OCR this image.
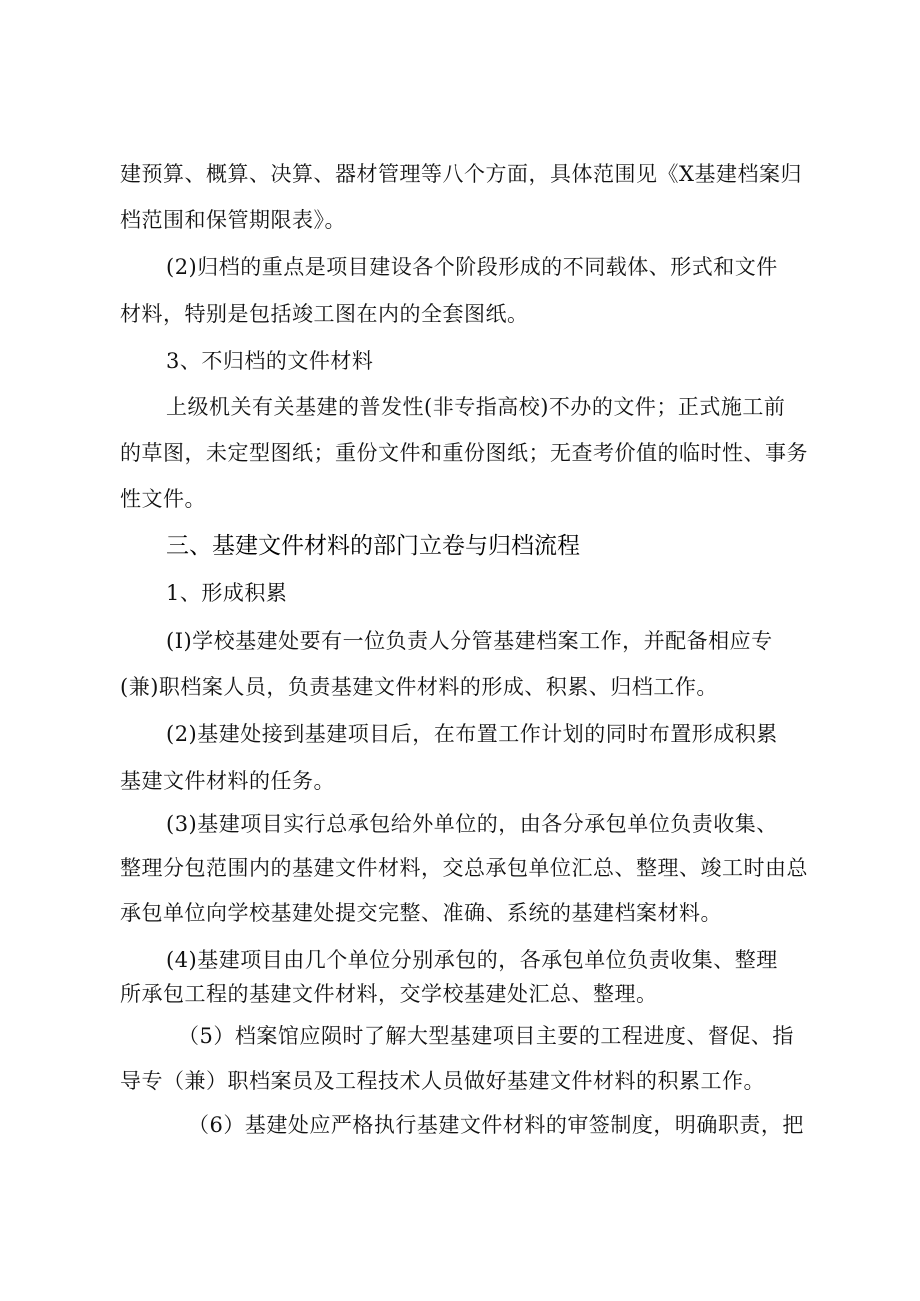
建预算、概算、决算、器材管理等八个方面，具体范围见《X基建档案归
档范围和保管期限表》。
(2)归档的重点是项目建设各个阶段形成的不同载体、形式和文件
材料，特别是包括竣工图在内的全套图纸。
3、不归档的文件材料
上级机关有关基建的普发性(非专指高校)不办的文件；正式施工前
的草图，未定型图纸；重份文件和重份图纸；无查考价值的临时性、事务
性文件。
三、基建文件材料的部门立卷与归档流程
1、形成积累
(I)学校基建处要有一位负责人分管基建档案工作，并配备相应专
(兼)职档案人员，负责基建文件材料的形成、积累、归档工作。
(2)基建处接到基建项目后，在布置工作计划的同时布置形成积累
基建文件材料的任务。
(3)基建项目实行总承包给外单位的，由各分承包单位负责收集、
整理分包范围内的基建文件材料，交总承包单位汇总、整理、竣工时由总
承包单位向学校基建处提交完整、准确、系统的基建档案材料。
(4)基建项目由几个单位分别承包的，各承包单位负责收集、整理
所承包工程的基建文件材料，交学校基建处汇总、整理。
（5）档案馆应陨时了解大型基建项目主要的工程进度、督促、指
导专（兼）职档案员及工程技术人员做好基建文件材料的积累工作。
（6）基建处应严格执行基建文件材料的审签制度，明确职责，把
